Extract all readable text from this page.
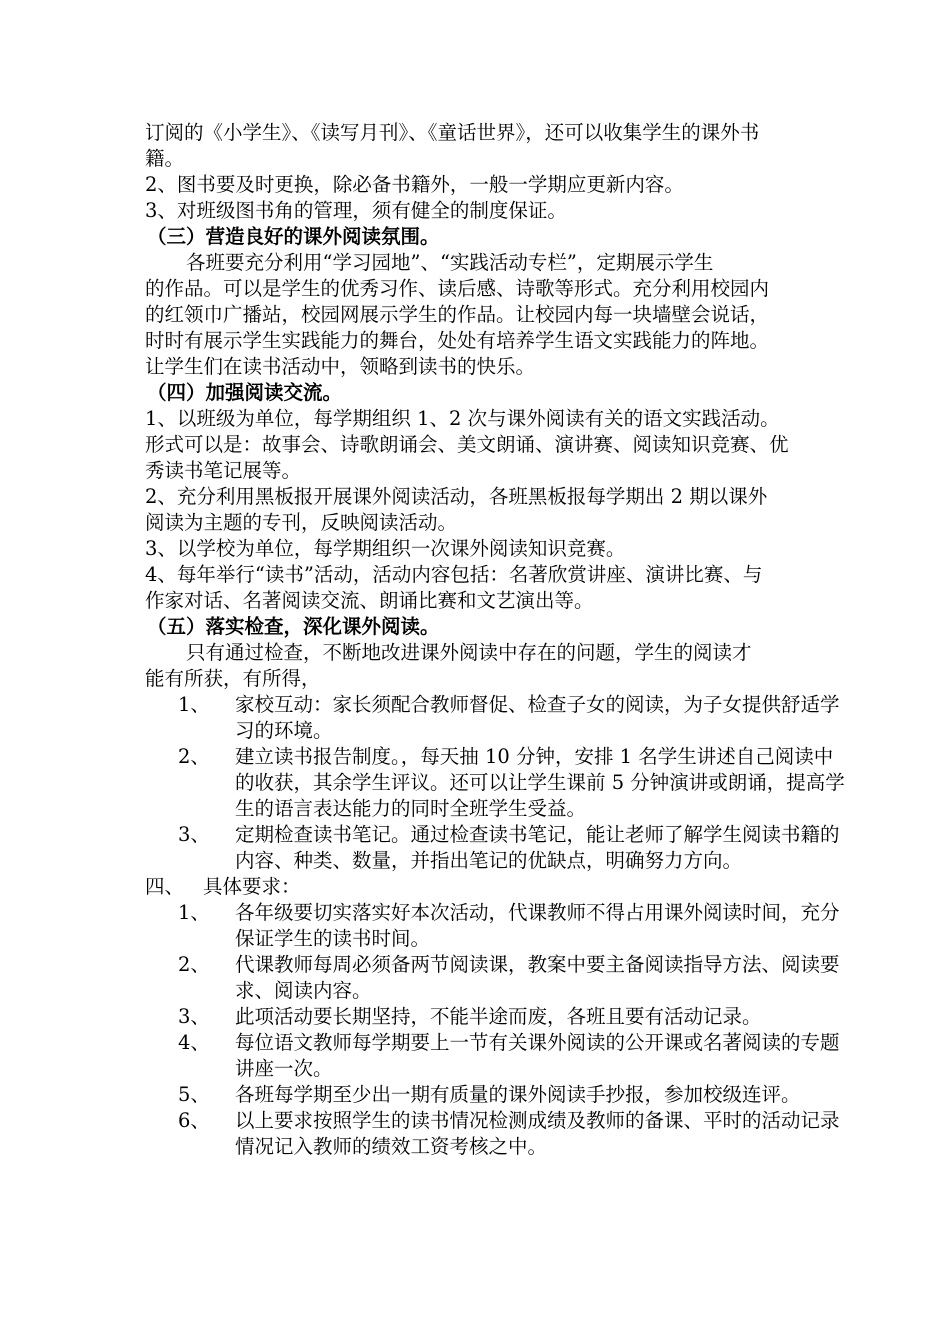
订阅的《小学生》、《读写月刊》、《童话世界》，还可以收集学生的课外书
籍。
2、图书要及时更换，除必备书籍外，一般一学期应更新内容。
3、对班级图书角的管理，须有健全的制度保证。
（三）营造良好的课外阅读氛围。
各班要充分利用“学习园地”、“实践活动专栏”，定期展示学生
的作品。可以是学生的优秀习作、读后感、诗歌等形式。充分利用校园内
的红领巾广播站，校园网展示学生的作品。让校园内每一块墙壁会说话，
时时有展示学生实践能力的舞台，处处有培养学生语文实践能力的阵地。
让学生们在读书活动中，领略到读书的快乐。
（四）加强阅读交流。
1、以班级为单位，每学期组织 1、2 次与课外阅读有关的语文实践活动。
形式可以是：故事会、诗歌朗诵会、美文朗诵、演讲赛、阅读知识竞赛、优
秀读书笔记展等。
2、充分利用黑板报开展课外阅读活动，各班黑板报每学期出 2 期以课外
阅读为主题的专刊，反映阅读活动。
3、以学校为单位，每学期组织一次课外阅读知识竞赛。
4、每年举行“读书”活动，活动内容包括：名著欣赏讲座、演讲比赛、与
作家对话、名著阅读交流、朗诵比赛和文艺演出等。
（五）落实检查，深化课外阅读。
只有通过检查，不断地改进课外阅读中存在的问题，学生的阅读才
能有所获，有所得，
1、	家校互动：家长须配合教师督促、检查子女的阅读，为子女提供舒适学习的环境。
2、	建立读书报告制度。，每天抽 10 分钟，安排 1 名学生讲述自己阅读中的收获，其余学生评议。还可以让学生课前 5 分钟演讲或朗诵，提高学生的语言表达能力的同时全班学生受益。
3、	定期检查读书笔记。通过检查读书笔记，能让老师了解学生阅读书籍的内容、种类、数量，并指出笔记的优缺点，明确努力方向。
四、 具体要求：
1、	各年级要切实落实好本次活动，代课教师不得占用课外阅读时间，充分保证学生的读书时间。
2、	代课教师每周必须备两节阅读课，教案中要主备阅读指导方法、阅读要求、阅读内容。
3、	此项活动要长期坚持，不能半途而废，各班且要有活动记录。
4、	每位语文教师每学期要上一节有关课外阅读的公开课或名著阅读的专题讲座一次。
5、	各班每学期至少出一期有质量的课外阅读手抄报，参加校级连评。
6、	以上要求按照学生的读书情况检测成绩及教师的备课、平时的活动记录情况记入教师的绩效工资考核之中。
